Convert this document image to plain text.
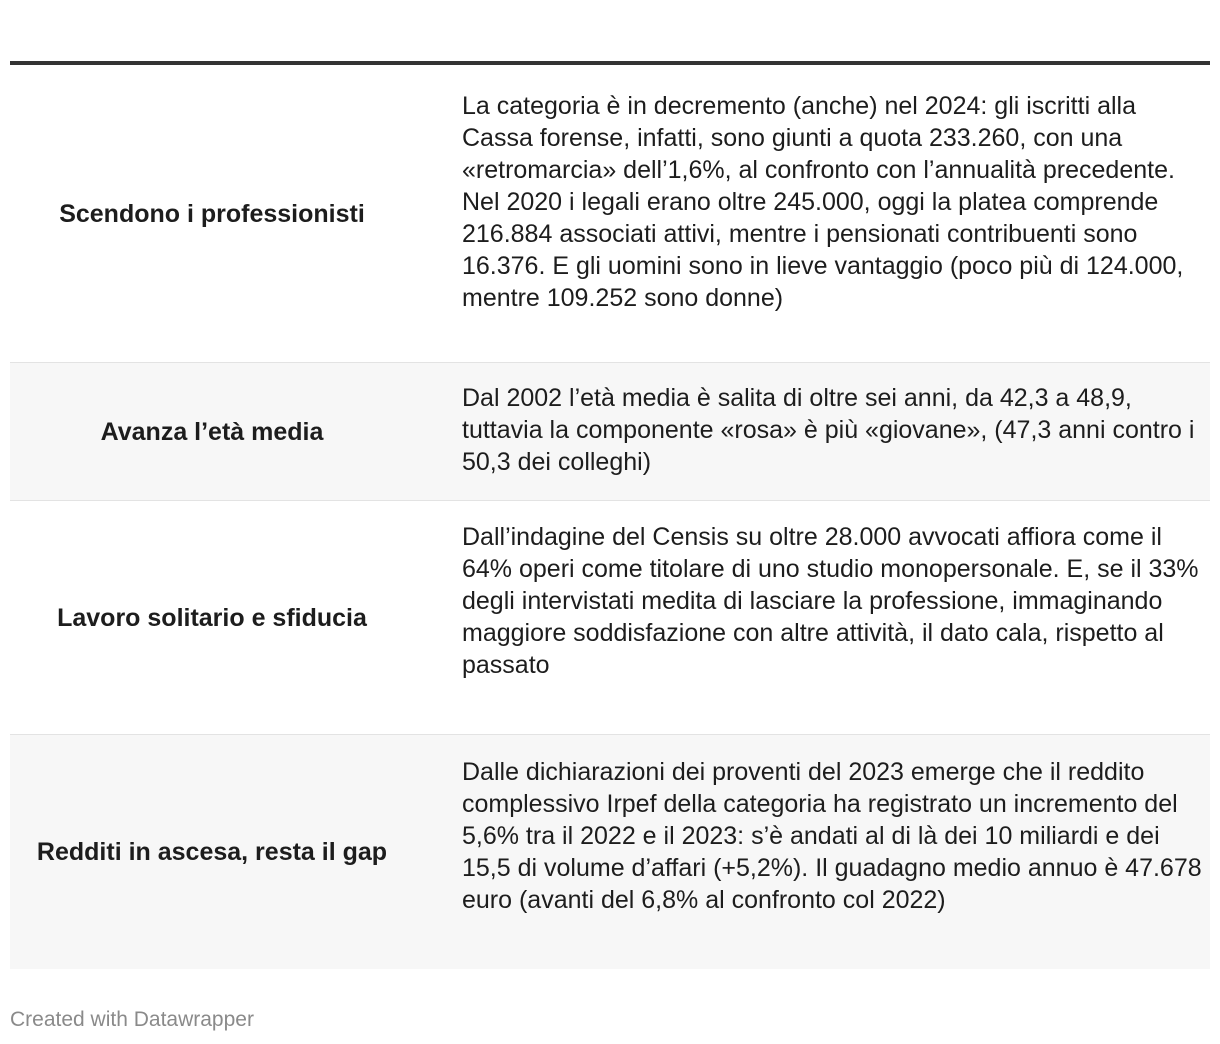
Scendono i professionisti
La categoria è in decremento (anche) nel 2024: gli iscritti alla Cassa forense, infatti, sono giunti a quota 233.260, con una «retromarcia» dell’1,6%, al confronto con l’annualità precedente. Nel 2020 i legali erano oltre 245.000, oggi la platea comprende 216.884 associati attivi, mentre i pensionati contribuenti sono 16.376. E gli uomini sono in lieve vantaggio (poco più di 124.000, mentre 109.252 sono donne)
Avanza l’età media
Dal 2002 l’età media è salita di oltre sei anni, da 42,3 a 48,9, tuttavia la componente «rosa» è più «giovane», (47,3 anni contro i 50,3 dei colleghi)
Lavoro solitario e sfiducia
Dall’indagine del Censis su oltre 28.000 avvocati affiora come il 64% operi come titolare di uno studio monopersonale. E, se il 33% degli intervistati medita di lasciare la professione, immaginando maggiore soddisfazione con altre attività, il dato cala, rispetto al passato
Redditi in ascesa, resta il gap
Dalle dichiarazioni dei proventi del 2023 emerge che il reddito complessivo Irpef della categoria ha registrato un incremento del 5,6% tra il 2022 e il 2023: s’è andati al di là dei 10 miliardi e dei 15,5 di volume d’affari (+5,2%). Il guadagno medio annuo è 47.678 euro (avanti del 6,8% al confronto col 2022)
Created with Datawrapper
